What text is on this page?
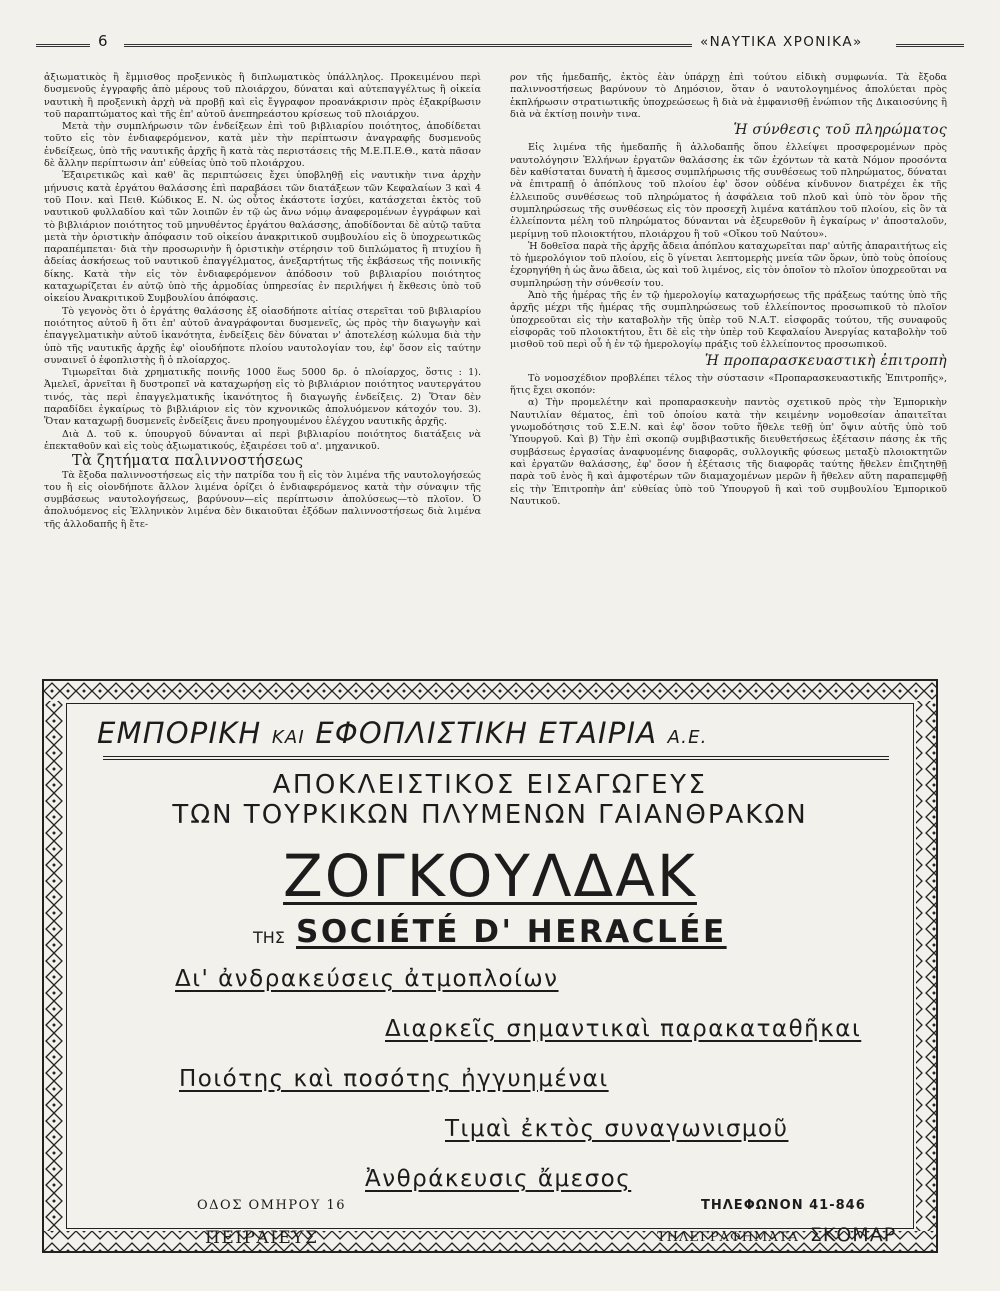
6	«ΝΑΥΤΙΚΑ ΧΡΟΝΙΚΑ»

ἀξιωματικὸς ἢ ἔμμισθος προξενικὸς ἢ διπλωματικὸς ὑπάλληλος. Προκειμένου περὶ δυσμενοῦς ἐγγραφῆς ἀπὸ μέρους τοῦ πλοιάρχου, δύναται καὶ αὐτεπαγγέλτως ἢ οἰκεία ναυτικὴ ἢ προξενικὴ ἀρχὴ νὰ προβῇ καὶ εἰς ἔγγραφον προανάκρισιν πρὸς ἐξακρίβωσιν τοῦ παραπτώματος καὶ τῆς ἐπ' αὐτοῦ ἀνεπηρεάστου κρίσεως τοῦ πλοιάρχου.

Μετὰ τὴν συμπλήρωσιν τῶν ἐνδείξεων ἐπὶ τοῦ βιβλιαρίου ποιότητος, ἀποδίδεται τοῦτο εἰς τὸν ἐνδιαφερόμενον, κατὰ μὲν τὴν περίπτωσιν ἀναγραφῆς δυσμενοῦς ἐνδείξεως, ὑπὸ τῆς ναυτικῆς ἀρχῆς ἢ κατὰ τὰς περιστάσεις τῆς Μ.Ε.Π.Ε.Θ., κατὰ πᾶσαν δὲ ἄλλην περίπτωσιν ἀπ' εὐθείας ὑπὸ τοῦ πλοιάρχου.

Ἐξαιρετικῶς καὶ καθ' ἃς περιπτώσεις ἔχει ὑποβληθῇ εἰς ναυτικὴν τινα ἀρχὴν μήνυσις κατὰ ἐργάτου θαλάσσης ἐπὶ παραβάσει τῶν διατάξεων τῶν Κεφαλαίων 3 καὶ 4 τοῦ Ποιν. καὶ Πειθ. Κώδικος Ε. Ν. ὡς οὗτος ἑκάστοτε ἰσχύει, κατάσχεται ἐκτὸς τοῦ ναυτικοῦ φυλλαδίου καὶ τῶν λοιπῶν ἐν τῷ ὡς ἄνω νόμῳ ἀναφερομένων ἐγγράφων καὶ τὸ βιβλιάριον ποιότητος τοῦ μηνυθέντος ἐργάτου θαλάσσης, ἀποδίδονται δὲ αὐτῷ ταῦτα μετὰ τὴν ὁριστικὴν ἀπόφασιν τοῦ οἰκείου ἀνακριτικοῦ συμβουλίου εἰς ὃ ὑποχρεωτικῶς παραπέμπεται· διὰ τὴν προσωρινὴν ἢ ὁριστικὴν στέρησιν τοῦ διπλώματος ἢ πτυχίου ἢ ἀδείας ἀσκήσεως τοῦ ναυτικοῦ ἐπαγγέλματος, ἀνεξαρτήτως τῆς ἐκβάσεως τῆς ποινικῆς δίκης. Κατὰ τὴν εἰς τὸν ἐνδιαφερόμενον ἀπόδοσιν τοῦ βιβλιαρίου ποιότητος καταχωρίζεται ἐν αὐτῷ ὑπὸ τῆς ἁρμοδίας ὑπηρεσίας ἐν περιλήψει ἡ ἔκθεσις ὑπὸ τοῦ οἰκείου Ἀνακριτικοῦ Συμβουλίου ἀπόφασις.

Τὸ γεγονὸς ὅτι ὁ ἐργάτης θαλάσσης ἐξ οἱασδήποτε αἰτίας στερεῖται τοῦ βιβλιαρίου ποιότητος αὐτοῦ ἢ ὅτι ἐπ' αὐτοῦ ἀναγράφονται δυσμενεῖς, ὡς πρὸς τὴν διαγωγὴν καὶ ἐπαγγελματικὴν αὐτοῦ ἱκανότητα, ἐνδείξεις δὲν δύναται ν' ἀποτελέσῃ κώλυμα διὰ τὴν ὑπὸ τῆς ναυτικῆς ἀρχῆς ἐφ' οἱουδήποτε πλοίου ναυτολογίαν του, ἐφ' ὅσον εἰς ταύτην συναινεῖ ὁ ἐφοπλιστὴς ἢ ὁ πλοίαρχος.

Τιμωρεῖται διὰ χρηματικῆς ποινῆς 1000 ἕως 5000 δρ. ὁ πλοίαρχος, ὅστις : 1). Ἀμελεῖ, ἀρνεῖται ἢ δυστροπεῖ νὰ καταχωρήσῃ εἰς τὸ βιβλιάριον ποιότητος ναυτεργάτου τινός, τὰς περὶ ἐπαγγελματικῆς ἱκανότητος ἢ διαγωγῆς ἐνδείξεις. 2) Ὅταν δὲν παραδίδει ἐγκαίρως τὸ βιβλιάριον εἰς τὸν κχνονικῶς ἀπολυόμενον κάτοχόν του. 3). Ὅταν καταχωρῇ δυσμενεῖς ἐνδείξεις ἄνευ προηγουμένου ἐλέγχου ναυτικῆς ἀρχῆς.

Διὰ Δ. τοῦ κ. ὑπουργοῦ δύνανται αἱ περὶ βιβλιαρίου ποιότητος διατάξεις νὰ ἐπεκταθοῦν καὶ εἰς τοὺς ἀξιωματικούς, ἐξαιρέσει τοῦ α'. μηχανικοῦ.

Τὰ ζητήματα παλιννοστήσεως

Τὰ ἔξοδα παλιννοστήσεως εἰς τὴν πατρίδα του ἢ εἰς τὸν λιμένα τῆς ναυτολογήσεώς του ἢ εἰς οἱονδήποτε ἄλλον λιμένα ὁρίζει ὁ ἐνδιαφερόμενος κατὰ τὴν σύναψιν τῆς συμβάσεως ναυτολογήσεως, βαρύνουν—εἰς περίπτωσιν ἀπολύσεως—τὸ πλοῖον. Ὁ ἀπολυόμενος εἰς Ἑλληνικὸν λιμένα δὲν δικαιοῦται ἐξόδων παλιννοστήσεως διὰ λιμένα τῆς ἀλλοδαπῆς ἢ ἔτε-

ρον τῆς ἡμεδαπῆς, ἐκτὸς ἐὰν ὑπάρχῃ ἐπὶ τούτου εἰδικὴ συμφωνία. Τὰ ἔξοδα παλιννοστήσεως βαρύνουν τὸ Δημόσιον, ὅταν ὁ ναυτολογημένος ἀπολύεται πρὸς ἐκπλήρωσιν στρατιωτικῆς ὑποχρεώσεως ἢ διὰ νὰ ἐμφανισθῇ ἐνώπιον τῆς Δικαιοσύνης ἢ διὰ νὰ ἐκτίσῃ ποινὴν τινα.

Ἡ σύνθεσις τοῦ πληρώματος

Εἰς λιμένα τῆς ἡμεδαπῆς ἢ ἀλλοδαπῆς ὅπου ἐλλείψει προσφερομένων πρὸς ναυτολόγησιν Ἑλλήνων ἐργατῶν θαλάσσης ἐκ τῶν ἐχόντων τὰ κατὰ Νόμον προσόντα δὲν καθίσταται δυνατὴ ἡ ἄμεσος συμπλήρωσις τῆς συνθέσεως τοῦ πληρώματος, δύναται νὰ ἐπιτραπῇ ὁ ἀπόπλους τοῦ πλοίου ἐφ' ὅσον οὐδένα κίνδυνον διατρέχει ἐκ τῆς ἐλλειποῦς συνθέσεως τοῦ πληρώματος ἡ ἀσφάλεια τοῦ πλοῦ καὶ ὑπὸ τὸν ὅρον τῆς συμπληρώσεως τῆς συνθέσεως εἰς τὸν προσεχῆ λιμένα κατάπλου τοῦ πλοίου, εἰς ὃν τὰ ἐλλείποντα μέλη τοῦ πληρώματος δύνανται νὰ ἐξευρεθοῦν ἢ ἐγκαίρως ν' ἀποσταλοῦν, μερίμνῃ τοῦ πλοιοκτήτου, πλοιάρχου ἢ τοῦ «Οἴκου τοῦ Ναύτου».

Ἡ δοθεῖσα παρὰ τῆς ἀρχῆς ἄδεια ἀπόπλου καταχωρεῖται παρ' αὐτῆς ἀπαραιτήτως εἰς τὸ ἡμερολόγιον τοῦ πλοίου, εἰς ὃ γίνεται λεπτομερὴς μνεία τῶν ὅρων, ὑπὸ τοὺς ὁποίους ἐχορηγήθη ἡ ὡς ἄνω ἄδεια, ὡς καὶ τοῦ λιμένος, εἰς τὸν ὁποῖον τὸ πλοῖον ὑποχρεοῦται να συμπληρώσῃ τὴν σύνθεσίν του.

Ἀπὸ τῆς ἡμέρας τῆς ἐν τῷ ἡμερολογίῳ καταχωρήσεως τῆς πράξεως ταύτης ὑπὸ τῆς ἀρχῆς μέχρι τῆς ἡμέρας τῆς συμπληρώσεως τοῦ ἐλλείποντος προσωπικοῦ τὸ πλοῖον ὑποχρεοῦται εἰς τὴν καταβολὴν τῆς ὑπὲρ τοῦ Ν.Α.Τ. εἰσφορᾶς τούτου, τῆς συναφοῦς εἰσφορᾶς τοῦ πλοιοκτήτου, ἔτι δὲ εἰς τὴν ὑπὲρ τοῦ Κεφαλαίου Ἀνεργίας καταβολὴν τοῦ μισθοῦ τοῦ περὶ οὗ ἡ ἐν τῷ ἡμερολογίῳ πράξις τοῦ ἐλλείποντος προσωπικοῦ.

Ἡ προπαρασκευαστικὴ ἐπιτροπὴ

Τὸ νομοσχέδιον προβλέπει τέλος τὴν σύστασιν «Προπαρασκευαστικῆς Ἐπιτροπῆς», ἥτις ἔχει σκοπόν:

α) Τὴν προμελέτην καὶ προπαρασκευὴν παντὸς σχετικοῦ πρὸς τὴν Ἐμπορικὴν Ναυτιλίαν θέματος, ἐπὶ τοῦ ὁποίου κατὰ τὴν κειμένην νομοθεσίαν ἀπαιτεῖται γνωμοδότησις τοῦ Σ.Ε.Ν. καὶ ἐφ' ὅσον τοῦτο ἤθελε τεθῇ ὑπ' ὄψιν αὐτῆς ὑπὸ τοῦ Ὑπουργοῦ. Καὶ β) Τὴν ἐπὶ σκοπῷ συμβιβαστικῆς διευθετήσεως ἐξέτασιν πάσης ἐκ τῆς συμβάσεως ἐργασίας ἀναφυομένης διαφορᾶς, συλλογικῆς φύσεως μεταξὺ πλοιοκτητῶν καὶ ἐργατῶν θαλάσσης, ἐφ' ὅσον ἡ ἐξέτασις τῆς διαφορᾶς ταύτης ἤθελεν ἐπιζητηθῇ παρὰ τοῦ ἑνὸς ἢ καὶ ἀμφοτέρων τῶν διαμαχομένων μερῶν ἢ ἤθελεν αὕτη παραπεμφθῇ εἰς τὴν Ἐπιτροπὴν ἀπ' εὐθείας ὑπὸ τοῦ Ὑπουργοῦ ἢ καὶ τοῦ συμβουλίου Ἐμπορικοῦ Ναυτικοῦ.

ΕΜΠΟΡΙΚΗ ΚΑΙ ΕΦΟΠΛΙΣΤΙΚΗ ΕΤΑΙΡΙΑ Α.Ε.
ΑΠΟΚΛΕΙΣΤΙΚΟΣ ΕΙΣΑΓΩΓΕΥΣ
ΤΩΝ ΤΟΥΡΚΙΚΩΝ ΠΛΥΜΕΝΩΝ ΓΑΙΑΝΘΡΑΚΩΝ
ΖΟΓΚΟΥΛΔΑΚ
ΤΗΣ SOCIÉTÉ D' HERACLÉE
Δι' ἀνδρακεύσεις ἀτμοπλοίων
Διαρκεῖς σημαντικαὶ παρακαταθῆκαι
Ποιότης καὶ ποσότης ἠγγυημέναι
Τιμαὶ ἐκτὸς συναγωνισμοῦ
Ἀνθράκευσις ἄμεσος
ΟΔΟΣ ΟΜΗΡΟΥ 16
ΠΕΙΡΑΙΕΥΣ
ΤΗΛΕΦΩΝΟΝ 41-846
ΤΗΛΕΓΡΑΦΗΜΑΤΑ ΣΚΟΜΑΡ
